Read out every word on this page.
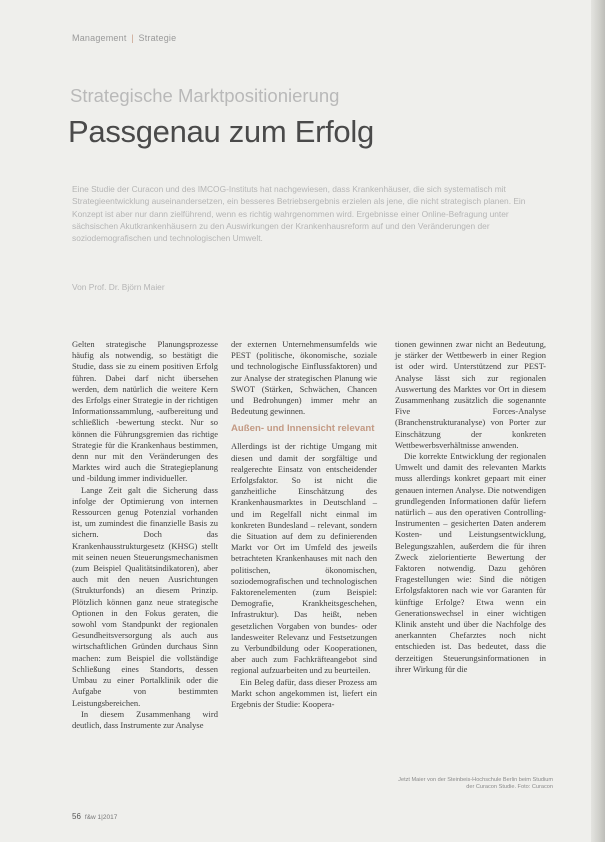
Management | Strategie
Strategische Marktpositionierung
Passgenau zum Erfolg

Eine Studie der Curacon und des IMCOG-Instituts hat nachgewiesen, dass Krankenhäuser, die sich systematisch mit Strategieentwicklung auseinandersetzen, ein besseres Betriebsergebnis erzielen als jene, die nicht strategisch planen. Ein Konzept ist aber nur dann zielführend, wenn es richtig wahrgenommen wird. Ergebnisse einer Online-Befragung unter sächsischen Akutkrankenhäusern zu den Auswirkungen der Krankenhausreform auf und den Veränderungen der soziodemografischen und technologischen Umwelt.

Von Prof. Dr. Björn Maier

Gelten strategische Planungsprozesse häufig als notwendig, so bestätigt die Studie, dass sie zu einem positiven Erfolg führen. Dabei darf nicht übersehen werden, dem natürlich die weitere Kern des Erfolgs einer Strategie in der richtigen Informationssammlung, -aufbereitung und schließlich -bewertung steckt. Nur so können die Führungsgremien das richtige Strategie für die Krankenhaus bestimmen, denn nur mit den Veränderungen des Marktes wird auch die Strategieplanung und -bildung immer individueller.

Lange Zeit galt die Sicherung dass infolge der Optimierung von internen Ressourcen genug Potenzial vorhanden ist, um zumindest die finanzielle Basis zu sichern. Doch das Krankenhausstrukturgesetz (KHSG) stellt mit seinen neuen Steuerungsmechanismen (zum Beispiel Qualitätsindikatoren), aber auch mit den neuen Ausrichtungen (Strukturfonds) an diesem Prinzip. Plötzlich können ganz neue strategische Optionen in den Fokus geraten, die sowohl vom Standpunkt der regionalen Gesundheitsversorgung als auch aus wirtschaftlichen Gründen durchaus Sinn machen: zum Beispiel die vollständige Schließung eines Standorts, dessen Umbau zu einer Portalklinik oder die Aufgabe von bestimmten Leistungsbereichen.

In diesem Zusammenhang wird deutlich, dass Instrumente zur Analyse

der externen Unternehmensumfelds wie PEST (politische, ökonomische, soziale und technologische Einflussfaktoren) und zur Analyse der strategischen Planung wie SWOT (Stärken, Schwächen, Chancen und Bedrohungen) immer mehr an Bedeutung gewinnen.

Außen- und Innensicht relevant

Allerdings ist der richtige Umgang mit diesen und damit der sorgfältige und realgerechte Einsatz von entscheidender Erfolgsfaktor. So ist nicht die ganzheitliche Einschätzung des Krankenhausmarktes in Deutschland – und im Regelfall nicht einmal im konkreten Bundesland – relevant, sondern die Situation auf dem zu definierenden Markt vor Ort im Umfeld des jeweils betrachteten Krankenhauses mit nach den politischen, ökonomischen, soziodemografischen und technologischen Faktorenelementen (zum Beispiel: Demografie, Krankheitsgeschehen, Infrastruktur). Das heißt, neben gesetzlichen Vorgaben von bundes- oder landesweiter Relevanz und Festsetzungen zu Verbundbildung oder Kooperationen, aber auch zum Fachkräfteangebot sind regional aufzuarbeiten und zu beurteilen.

Ein Beleg dafür, dass dieser Prozess am Markt schon angekommen ist, liefert ein Ergebnis der Studie: Koopera-

tionen gewinnen zwar nicht an Bedeutung, je stärker der Wettbewerb in einer Region ist oder wird. Unterstützend zur PEST-Analyse lässt sich zur regionalen Auswertung des Marktes vor Ort in diesem Zusammenhang zusätzlich die sogenannte Five Forces-Analyse (Branchenstrukturanalyse) von Porter zur Einschätzung der konkreten Wettbewerbsverhältnisse anwenden.

Die korrekte Entwicklung der regionalen Umwelt und damit des relevanten Markts muss allerdings konkret gepaart mit einer genauen internen Analyse. Die notwendigen grundlegenden Informationen dafür liefern natürlich – aus den operativen Controlling-Instrumenten – gesicherten Daten anderem Kosten- und Leistungsentwicklung, Belegungszahlen, außerdem die für ihren Zweck zielorientierte Bewertung der Faktoren notwendig. Dazu gehören Fragestellungen wie: Sind die nötigen Erfolgsfaktoren nach wie vor Garanten für künftige Erfolge? Etwa wenn ein Generationswechsel in einer wichtigen Klinik ansteht und über die Nachfolge des anerkannten Chefarztes noch nicht entschieden ist. Das bedeutet, dass die derzeitigen Steuerungsinformationen in ihrer Wirkung für die

Jetzt Maier von der Steinbeis-Hochschule Berlin beim Studium der Curacon Studie. Foto: Curacon
56 f&w 1|2017
